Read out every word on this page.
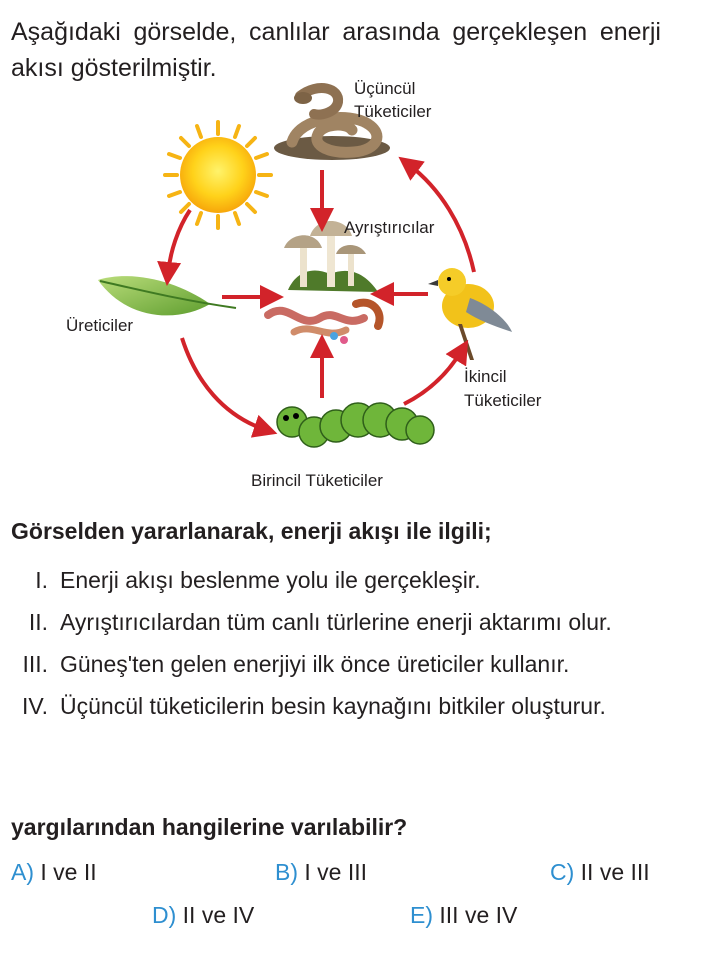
Aşağıdaki görselde, canlılar arasında gerçekleşen enerji akısı gösterilmiştir.

Üçüncül
Tüketiciler
Ayrıştırıcılar
Üreticiler
İkincil
Tüketiciler
Birincil Tüketiciler

Görselden yararlanarak, enerji akışı ile ilgili;

I. Enerji akışı beslenme yolu ile gerçekleşir.
II. Ayrıştırıcılardan tüm canlı türlerine enerji aktarımı olur.
III. Güneş'ten gelen enerjiyi ilk önce üreticiler kullanır.
IV. Üçüncül tüketicilerin besin kaynağını bitkiler oluşturur.

yargılarından hangilerine varılabilir?

A) I ve II	B) I ve III	C) II ve III
D) II ve IV	E) III ve IV
